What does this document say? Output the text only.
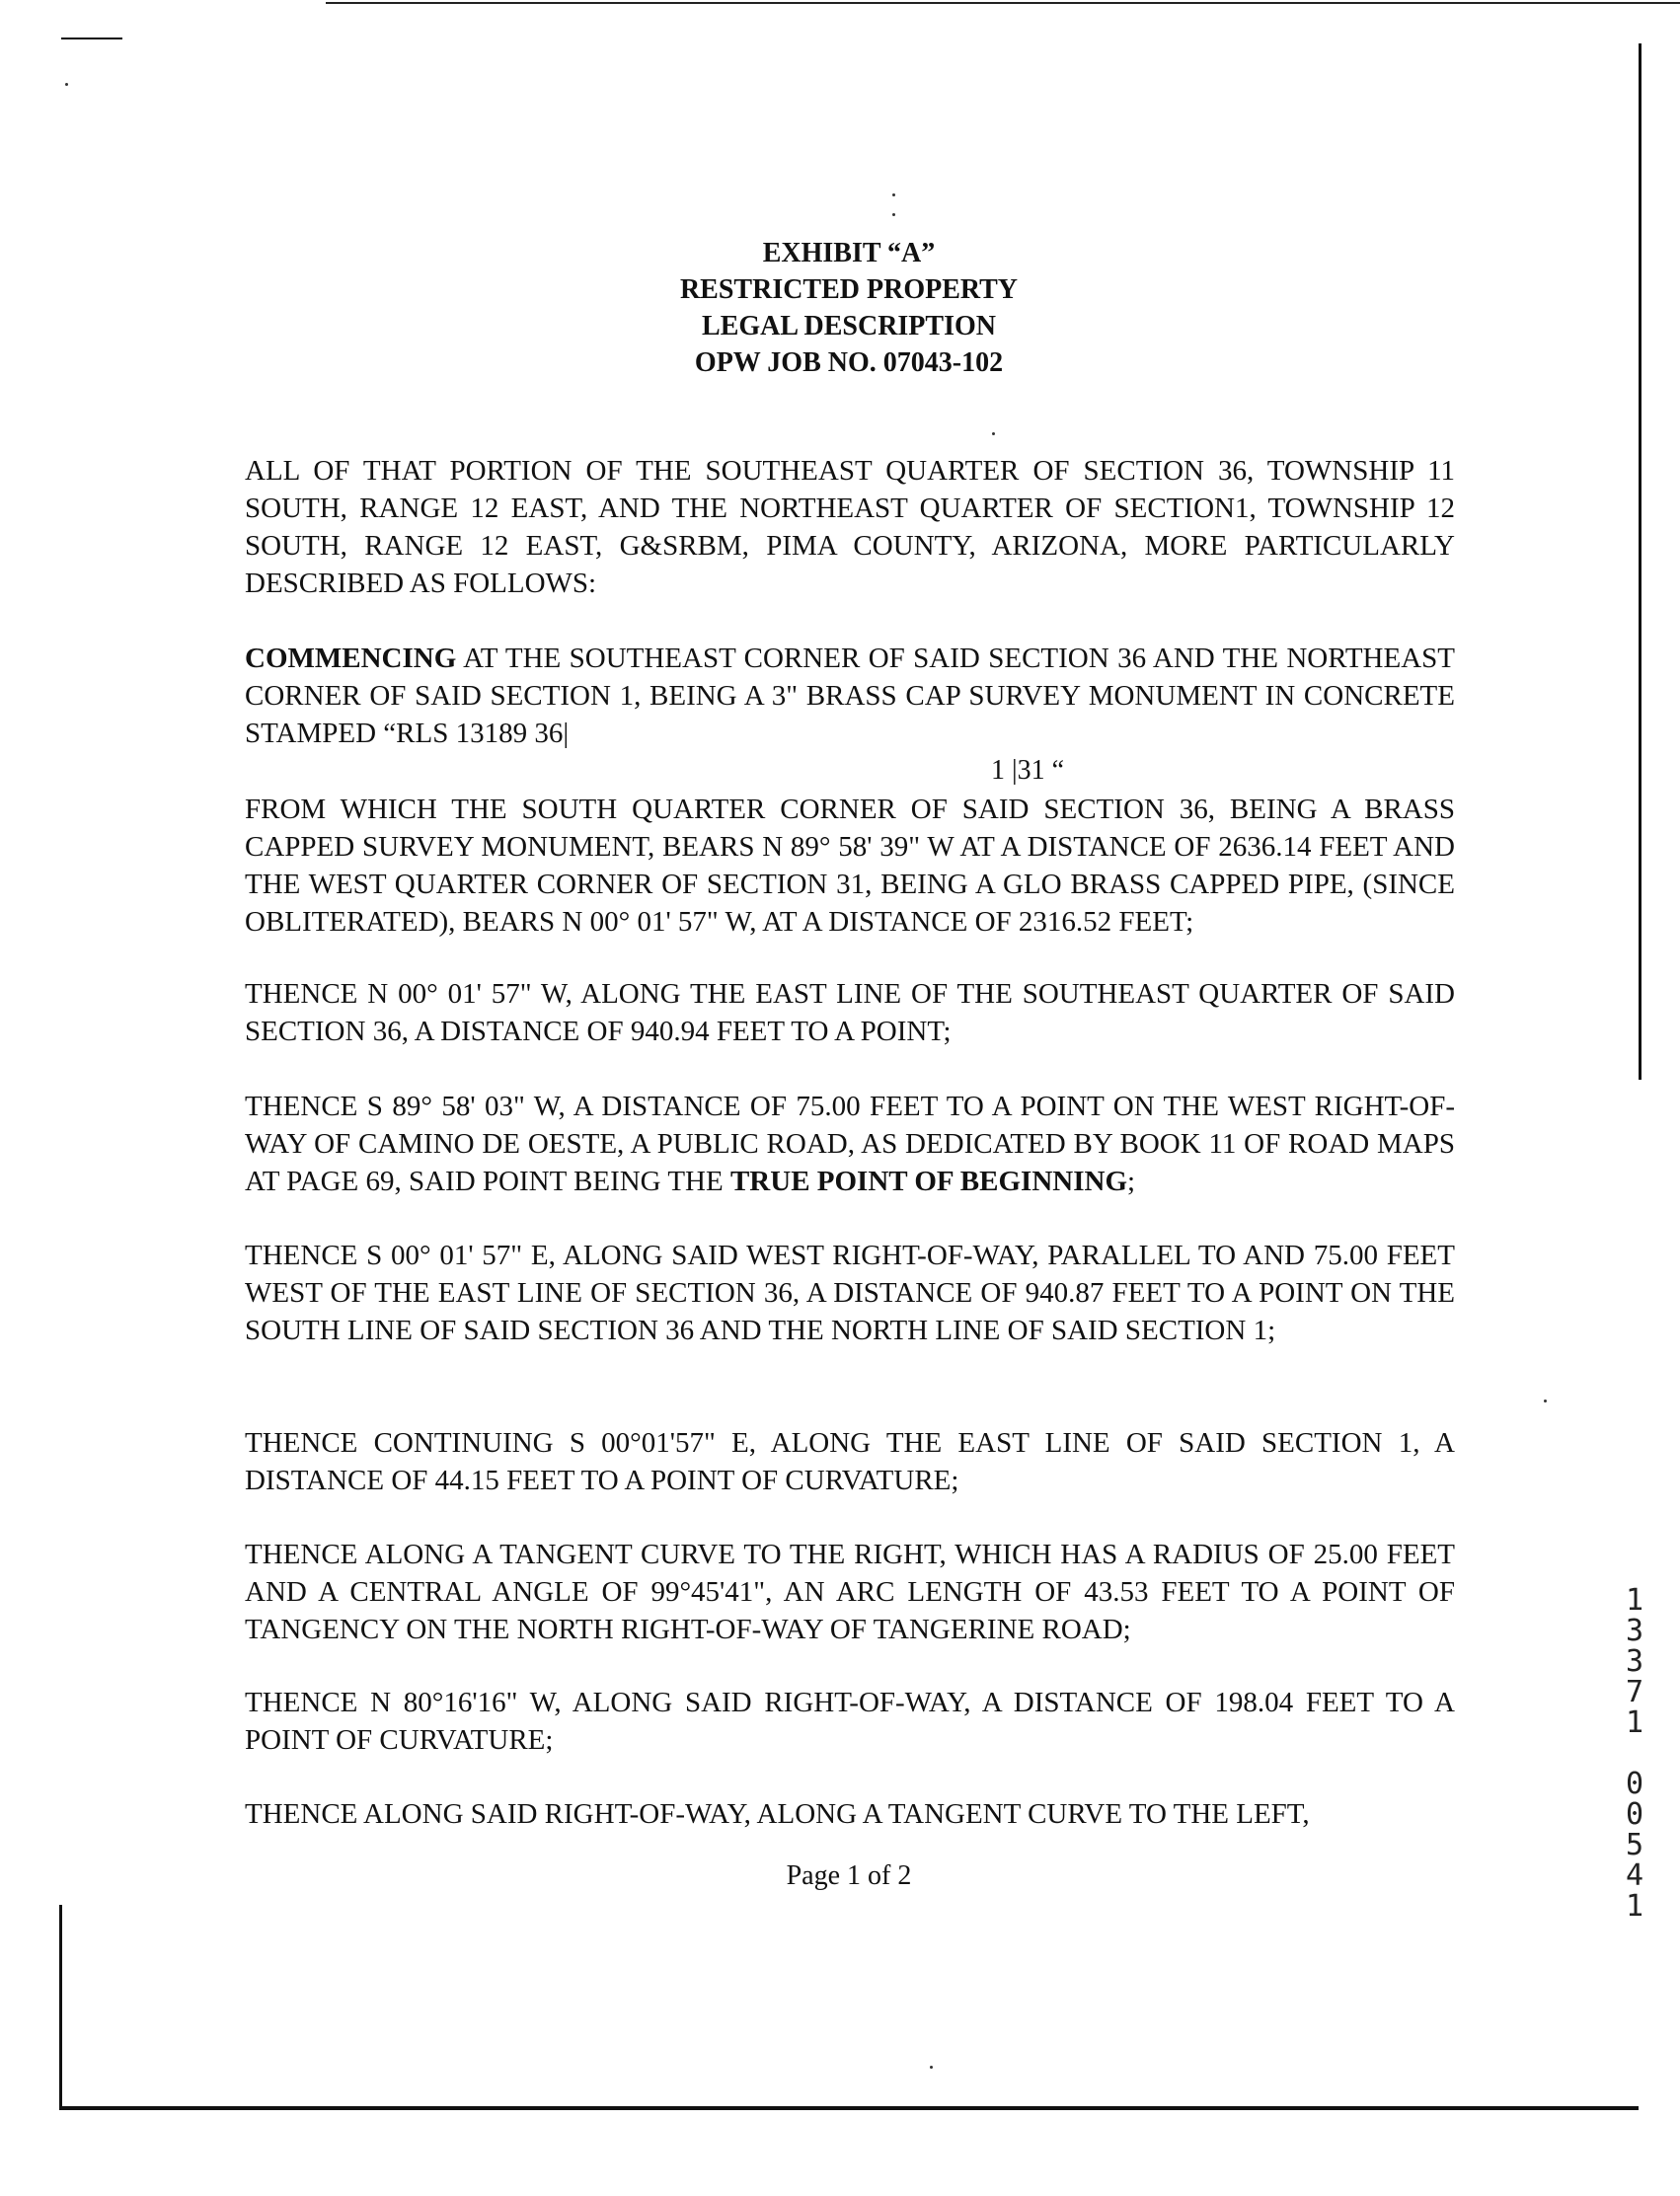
EXHIBIT “A”
RESTRICTED PROPERTY
LEGAL DESCRIPTION
OPW JOB NO. 07043-102
ALL OF THAT PORTION OF THE SOUTHEAST QUARTER OF SECTION 36, TOWNSHIP 11 SOUTH, RANGE 12 EAST, AND THE NORTHEAST QUARTER OF SECTION1, TOWNSHIP 12 SOUTH, RANGE 12 EAST, G&SRBM, PIMA COUNTY, ARIZONA, MORE PARTICULARLY DESCRIBED AS FOLLOWS:
COMMENCING AT THE SOUTHEAST CORNER OF SAID SECTION 36 AND THE NORTHEAST CORNER OF SAID SECTION 1, BEING A 3" BRASS CAP SURVEY MONUMENT IN CONCRETE STAMPED “RLS 13189 36|
1 |31 “
FROM WHICH THE SOUTH QUARTER CORNER OF SAID SECTION 36, BEING A BRASS CAPPED SURVEY MONUMENT, BEARS N 89° 58' 39" W AT A DISTANCE OF 2636.14 FEET AND THE WEST QUARTER CORNER OF SECTION 31, BEING A GLO BRASS CAPPED PIPE, (SINCE OBLITERATED), BEARS N 00° 01' 57" W, AT A DISTANCE OF 2316.52 FEET;
THENCE N 00° 01' 57" W, ALONG THE EAST LINE OF THE SOUTHEAST QUARTER OF SAID SECTION 36, A DISTANCE OF 940.94 FEET TO A POINT;
THENCE S 89° 58' 03" W, A DISTANCE OF 75.00 FEET TO A POINT ON THE WEST RIGHT-OF-WAY OF CAMINO DE OESTE, A PUBLIC ROAD, AS DEDICATED BY BOOK 11 OF ROAD MAPS AT PAGE 69, SAID POINT BEING THE TRUE POINT OF BEGINNING;
THENCE S 00° 01' 57" E, ALONG SAID WEST RIGHT-OF-WAY, PARALLEL TO AND 75.00 FEET WEST OF THE EAST LINE OF SECTION 36, A DISTANCE OF 940.87 FEET TO A POINT ON THE SOUTH LINE OF SAID SECTION 36 AND THE NORTH LINE OF SAID SECTION 1;
THENCE CONTINUING S 00°01'57" E, ALONG THE EAST LINE OF SAID SECTION 1, A DISTANCE OF 44.15 FEET TO A POINT OF CURVATURE;
THENCE ALONG A TANGENT CURVE TO THE RIGHT, WHICH HAS A RADIUS OF 25.00 FEET AND A CENTRAL ANGLE OF 99°45'41", AN ARC LENGTH OF 43.53 FEET TO A POINT OF TANGENCY ON THE NORTH RIGHT-OF-WAY OF TANGERINE ROAD;
THENCE N 80°16'16" W, ALONG SAID RIGHT-OF-WAY, A DISTANCE OF 198.04 FEET TO A POINT OF CURVATURE;
THENCE ALONG SAID RIGHT-OF-WAY, ALONG A TANGENT CURVE TO THE LEFT,
Page 1 of 2
1
3
3
7
1

0
0
5
4
1
